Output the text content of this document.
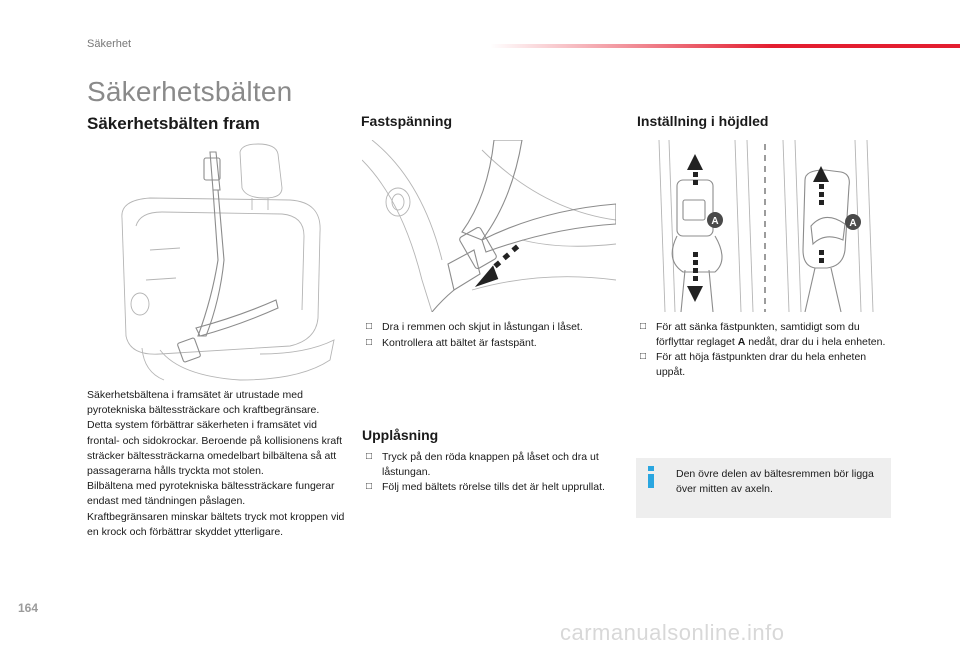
Säkerhet
Säkerhetsbälten
Säkerhetsbälten fram
Säkerhetsbältena i framsätet är utrustade med pyrotekniska bältessträckare och kraftbegränsare.
Detta system förbättrar säkerheten i framsätet vid frontal- och sidokrockar. Beroende på kollisionens kraft sträcker bältessträckarna omedelbart bilbältena så att passagerarna hålls tryckta mot stolen.
Bilbältena med pyrotekniska bältessträckare fungerar endast med tändningen påslagen.
Kraftbegränsaren minskar bältets tryck mot kroppen vid en krock och förbättrar skyddet ytterligare.
Fastspänning
□ Dra i remmen och skjut in låstungan i låset.
□ Kontrollera att bältet är fastspänt.
Upplåsning
□ Tryck på den röda knappen på låset och dra ut låstungan.
□ Följ med bältets rörelse tills det är helt upprullat.
Inställning i höjdled
A	A
□ För att sänka fästpunkten, samtidigt som du förflyttar reglaget A nedåt, drar du i hela enheten.
□ För att höja fästpunkten drar du hela enheten uppåt.
Den övre delen av bältesremmen bör ligga över mitten av axeln.
164
carmanualsonline.info
